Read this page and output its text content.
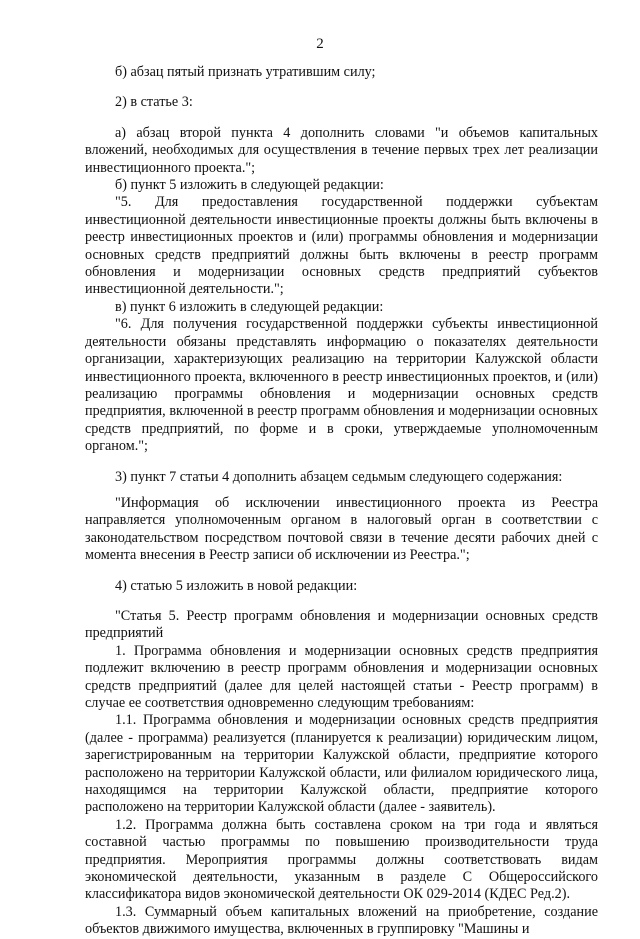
2

б) абзац пятый признать утратившим силу;

2) в статье 3:

а) абзац второй пункта 4 дополнить словами "и объемов капитальных вложений, необходимых для осуществления в течение первых трех лет реализации инвестиционного проекта.";

б) пункт 5 изложить в следующей редакции:

"5. Для предоставления государственной поддержки субъектам инвестиционной деятельности инвестиционные проекты должны быть включены в реестр инвестиционных проектов и (или) программы обновления и модернизации основных средств предприятий должны быть включены в реестр программ обновления и модернизации основных средств предприятий субъектов инвестиционной деятельности.";

в) пункт 6 изложить в следующей редакции:

"6. Для получения государственной поддержки субъекты инвестиционной деятельности обязаны представлять информацию о показателях деятельности организации, характеризующих реализацию на территории Калужской области инвестиционного проекта, включенного в реестр инвестиционных проектов, и (или) реализацию программы обновления и модернизации основных средств предприятия, включенной в реестр программ обновления и модернизации основных средств предприятий, по форме и в сроки, утверждаемые уполномоченным органом.";

3) пункт 7 статьи 4 дополнить абзацем седьмым следующего содержания:

"Информация об исключении инвестиционного проекта из Реестра направляется уполномоченным органом в налоговый орган в соответствии с законодательством посредством почтовой связи в течение десяти рабочих дней с момента внесения в Реестр записи об исключении из Реестра.";

4) статью 5 изложить в новой редакции:

"Статья 5. Реестр программ обновления и модернизации основных средств предприятий

1. Программа обновления и модернизации основных средств предприятия подлежит включению в реестр программ обновления и модернизации основных средств предприятий (далее для целей настоящей статьи - Реестр программ) в случае ее соответствия одновременно следующим требованиям:

1.1. Программа обновления и модернизации основных средств предприятия (далее - программа) реализуется (планируется к реализации) юридическим лицом, зарегистрированным на территории Калужской области, предприятие которого расположено на территории Калужской области, или филиалом юридического лица, находящимся на территории Калужской области, предприятие которого расположено на территории Калужской области (далее - заявитель).

1.2. Программа должна быть составлена сроком на три года и являться составной частью программы по повышению производительности труда предприятия. Мероприятия программы должны соответствовать видам экономической деятельности, указанным в разделе С Общероссийского классификатора видов экономической деятельности ОК 029-2014 (КДЕС Ред.2).

1.3. Суммарный объем капитальных вложений на приобретение, создание объектов движимого имущества, включенных в группировку "Машины и
